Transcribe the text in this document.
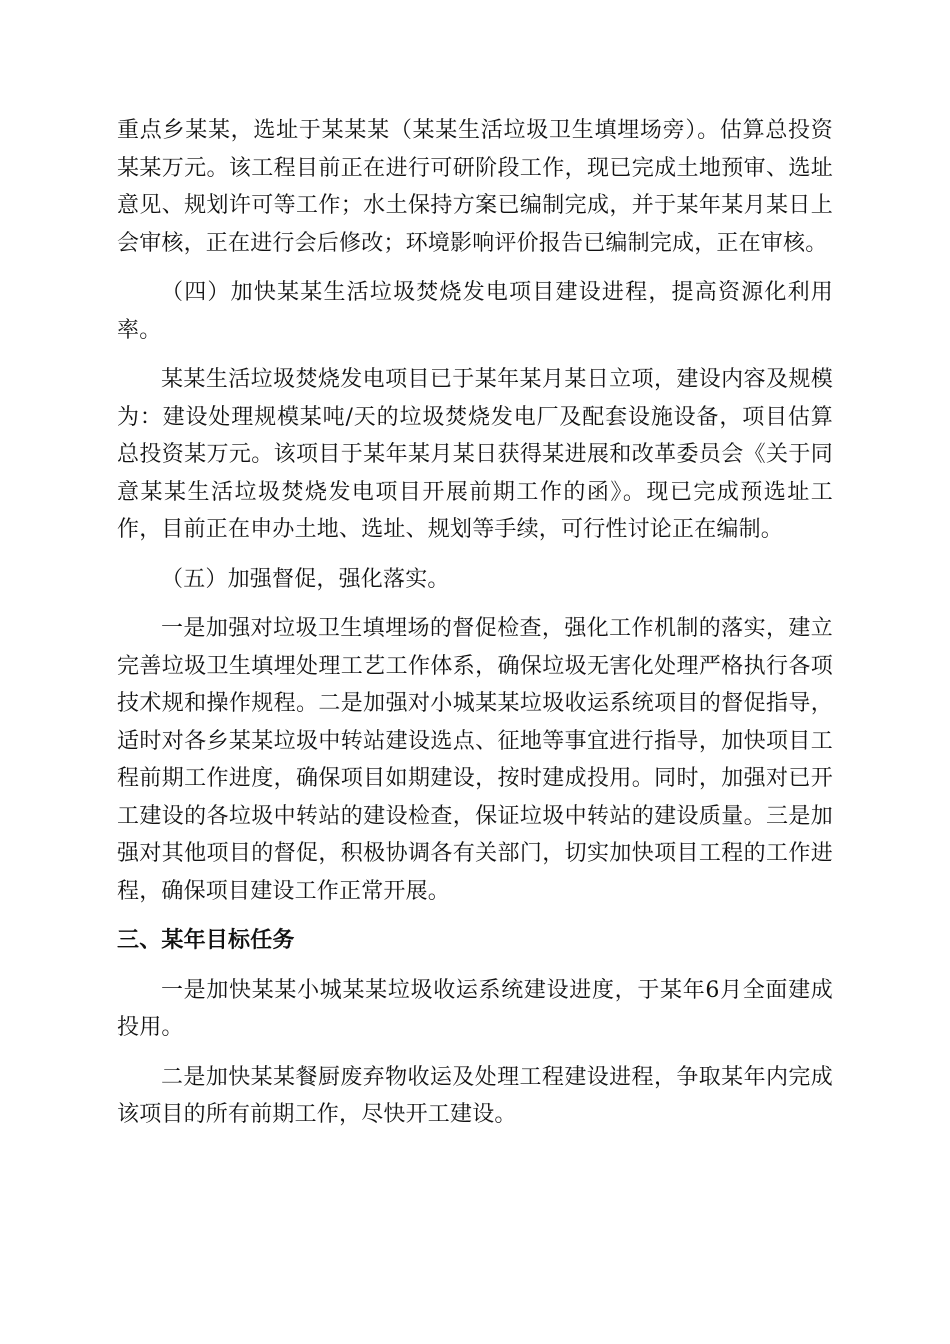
重点乡某某，选址于某某某（某某生活垃圾卫生填埋场旁）。估算总投资某某万元。该工程目前正在进行可研阶段工作，现已完成土地预审、选址意见、规划许可等工作；水土保持方案已编制完成，并于某年某月某日上会审核，正在进行会后修改；环境影响评价报告已编制完成，正在审核。

（四）加快某某生活垃圾焚烧发电项目建设进程，提高资源化利用率。

某某生活垃圾焚烧发电项目已于某年某月某日立项，建设内容及规模为：建设处理规模某吨/天的垃圾焚烧发电厂及配套设施设备，项目估算总投资某万元。该项目于某年某月某日获得某进展和改革委员会《关于同意某某生活垃圾焚烧发电项目开展前期工作的函》。现已完成预选址工作，目前正在申办土地、选址、规划等手续，可行性讨论正在编制。

（五）加强督促，强化落实。

一是加强对垃圾卫生填埋场的督促检查，强化工作机制的落实，建立完善垃圾卫生填埋处理工艺工作体系，确保垃圾无害化处理严格执行各项技术规和操作规程。二是加强对小城某某垃圾收运系统项目的督促指导，适时对各乡某某垃圾中转站建设选点、征地等事宜进行指导，加快项目工程前期工作进度，确保项目如期建设，按时建成投用。同时，加强对已开工建设的各垃圾中转站的建设检查，保证垃圾中转站的建设质量。三是加强对其他项目的督促，积极协调各有关部门，切实加快项目工程的工作进程，确保项目建设工作正常开展。

三、某年目标任务

一是加快某某小城某某垃圾收运系统建设进度，于某年6月全面建成投用。

二是加快某某餐厨废弃物收运及处理工程建设进程，争取某年内完成该项目的所有前期工作，尽快开工建设。
